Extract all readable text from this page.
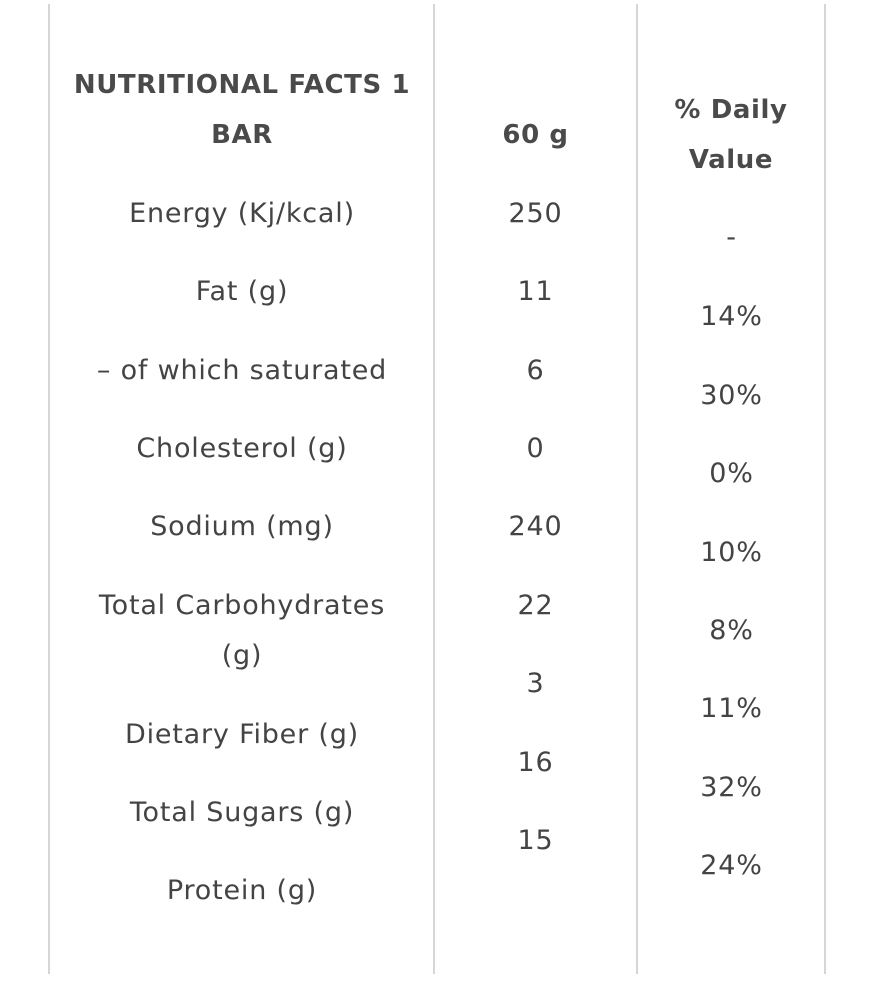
NUTRITIONAL FACTS 1 BAR
Energy (Kj/kcal)
Fat (g)
– of which saturated
Cholesterol (g)
Sodium (mg)
Total Carbohydrates (g)
Dietary Fiber (g)
Total Sugars (g)
Protein (g)
60 g
250
11
6
0
240
22
3
16
15
% Daily Value
-
14%
30%
0%
10%
8%
11%
32%
24%
